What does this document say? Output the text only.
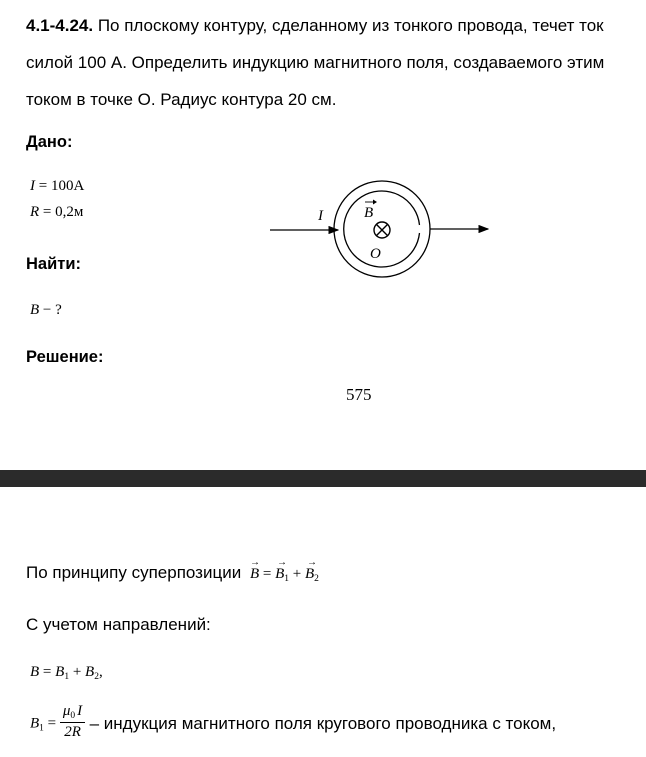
4.1-4.24. По плоскому контуру, сделанному из тонкого провода, течет ток
силой 100 А. Определить индукцию магнитного поля, создаваемого этим
током в точке О. Радиус контура 20 см.
Дано:
I = 100A
R = 0,2м
Найти:
B − ?
Решение:
575
I	B
O
По принципу суперпозиции → B = → $B_1$ + → $B_2$
С учетом направлений:
$B = B_1 + B_2$,
$B_1 = \frac{\mu_0 I}{2R}$ – индукция магнитного поля кругового проводника с током,
